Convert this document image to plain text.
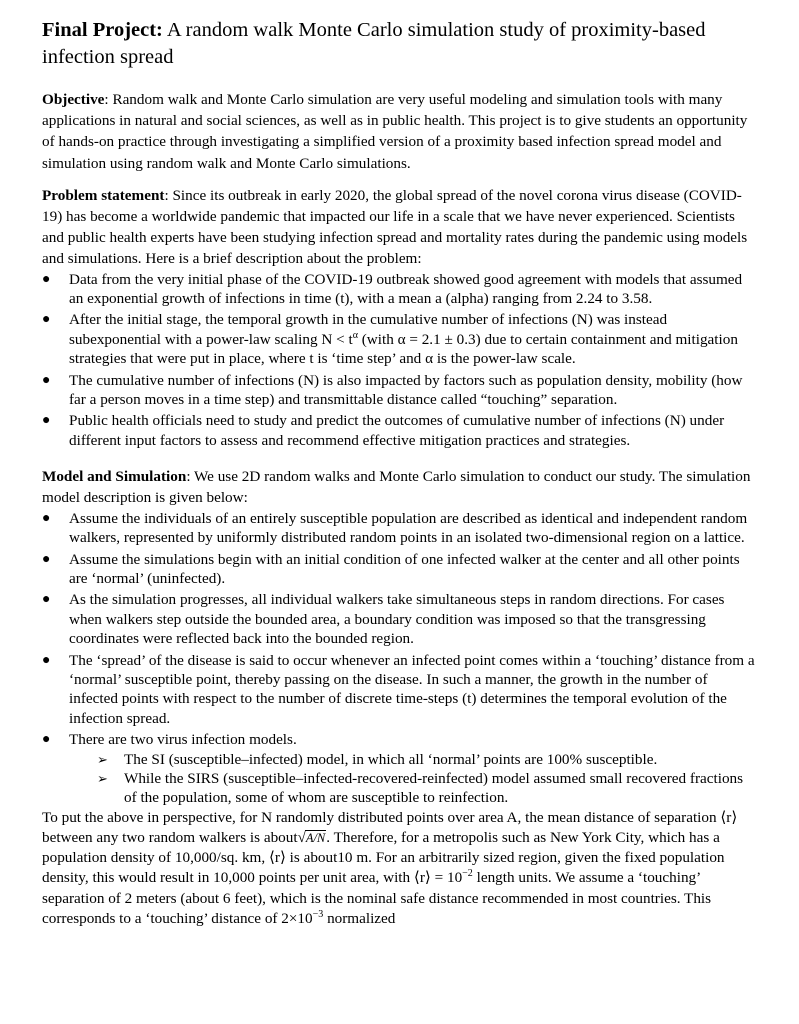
Final Project: A random walk Monte Carlo simulation study of proximity-based infection spread

Objective: Random walk and Monte Carlo simulation are very useful modeling and simulation tools with many applications in natural and social sciences, as well as in public health. This project is to give students an opportunity of hands-on practice through investigating a simplified version of a proximity based infection spread model and simulation using random walk and Monte Carlo simulations.

Problem statement: Since its outbreak in early 2020, the global spread of the novel corona virus disease (COVID-19) has become a worldwide pandemic that impacted our life in a scale that we have never experienced. Scientists and public health experts have been studying infection spread and mortality rates during the pandemic using models and simulations. Here is a brief description about the problem:

●	Data from the very initial phase of the COVID-19 outbreak showed good agreement with models that assumed an exponential growth of infections in time (t), with a mean a (alpha) ranging from 2.24 to 3.58.
●	After the initial stage, the temporal growth in the cumulative number of infections (N) was instead subexponential with a power-law scaling $N < t^\alpha$ (with α = 2.1 ± 0.3) due to certain containment and mitigation strategies that were put in place, where t is ‘time step’ and α is the power-law scale.
●	The cumulative number of infections (N) is also impacted by factors such as population density, mobility (how far a person moves in a time step) and transmittable distance called “touching” separation.
●	Public health officials need to study and predict the outcomes of cumulative number of infections (N) under different input factors to assess and recommend effective mitigation practices and strategies.

Model and Simulation: We use 2D random walks and Monte Carlo simulation to conduct our study. The simulation model description is given below:

●	Assume the individuals of an entirely susceptible population are described as identical and independent random walkers, represented by uniformly distributed random points in an isolated two-dimensional region on a lattice.
●	Assume the simulations begin with an initial condition of one infected walker at the center and all other points are ‘normal’ (uninfected).
●	As the simulation progresses, all individual walkers take simultaneous steps in random directions. For cases when walkers step outside the bounded area, a boundary condition was imposed so that the transgressing coordinates were reflected back into the bounded region.
●	The ‘spread’ of the disease is said to occur whenever an infected point comes within a ‘touching’ distance from a ‘normal’ susceptible point, thereby passing on the disease. In such a manner, the growth in the number of infected points with respect to the number of discrete time-steps (t) determines the temporal evolution of the infection spread.
●	There are two virus infection models.
➢ The SI (susceptible–infected) model, in which all ‘normal’ points are 100% susceptible.
➢ While the SIRS (susceptible–infected-recovered-reinfected) model assumed small recovered fractions of the population, some of whom are susceptible to reinfection.

To put the above in perspective, for N randomly distributed points over area A, the mean distance of separation ⟨r⟩ between any two random walkers is about√A/N. Therefore, for a metropolis such as New York City, which has a population density of 10,000/sq. km, ⟨r⟩ is about10 m. For an arbitrarily sized region, given the fixed population density, this would result in 10,000 points per unit area, with ⟨r⟩ = $10^{-2}$ length units. We assume a ‘touching’ separation of 2 meters (about 6 feet), which is the nominal safe distance recommended in most countries. This corresponds to a ‘touching’ distance of $2\times 10^{-3}$ normalized
